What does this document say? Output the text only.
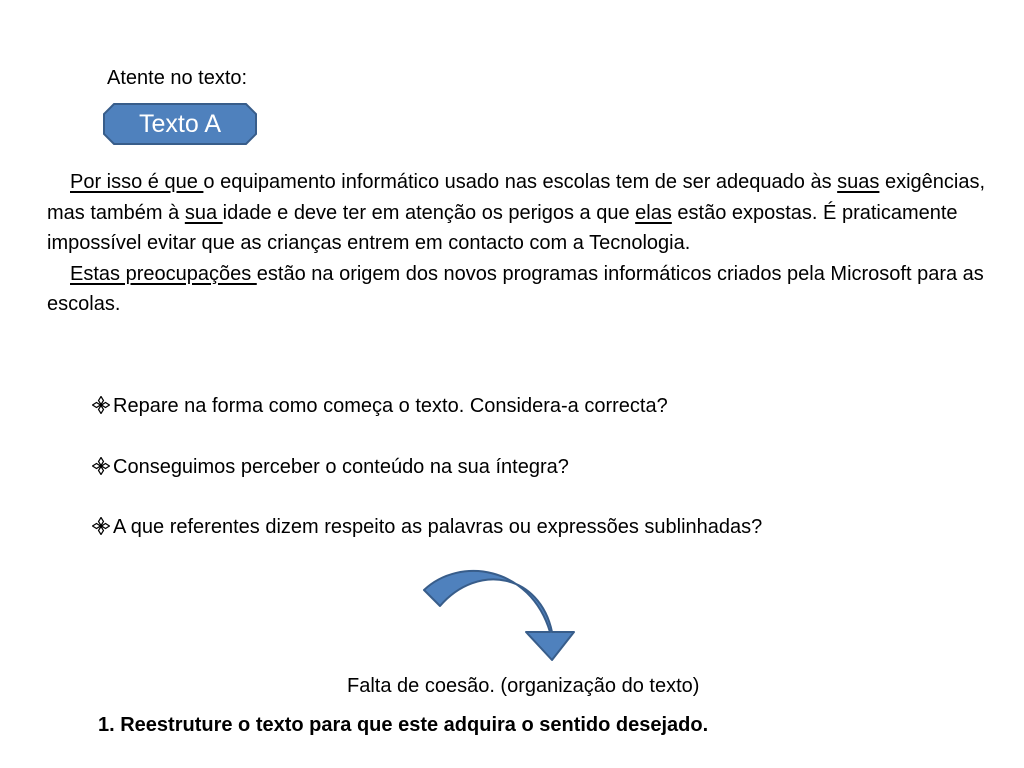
Atente no texto:

Texto A

Por isso é que o equipamento informático usado nas escolas tem de ser adequado às suas exigências, mas também à sua idade e deve ter em atenção os perigos a que elas estão expostas. É praticamente impossível evitar que as crianças entrem em contacto com a Tecnologia.

Estas preocupações estão na origem dos novos programas informáticos criados pela Microsoft para as escolas.

Repare na forma como começa o texto. Considera-a correcta?
Conseguimos perceber o conteúdo na sua íntegra?
A que referentes dizem respeito as palavras ou expressões sublinhadas?
Falta de coesão. (organização do texto)
1. Reestruture o texto para que este adquira o sentido desejado.
